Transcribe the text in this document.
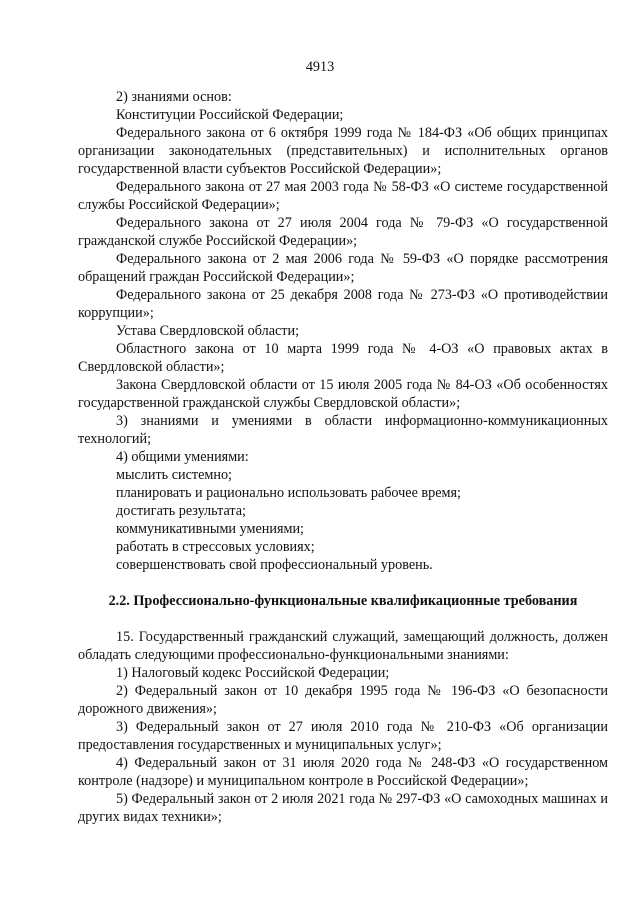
4913

2) знаниями основ:

Конституции Российской Федерации;

Федерального закона от 6 октября 1999 года № 184-ФЗ «Об общих принципах организации законодательных (представительных) и исполнительных органов государственной власти субъектов Российской Федерации»;

Федерального закона от 27 мая 2003 года № 58-ФЗ «О системе государственной службы Российской Федерации»;

Федерального закона от 27 июля 2004 года № 79-ФЗ «О государственной гражданской службе Российской Федерации»;

Федерального закона от 2 мая 2006 года № 59-ФЗ «О порядке рассмотрения обращений граждан Российской Федерации»;

Федерального закона от 25 декабря 2008 года № 273-ФЗ «О противодействии коррупции»;

Устава Свердловской области;

Областного закона от 10 марта 1999 года № 4-ОЗ «О правовых актах в Свердловской области»;

Закона Свердловской области от 15 июля 2005 года № 84-ОЗ «Об особенностях государственной гражданской службы Свердловской области»;

3) знаниями и умениями в области информационно-коммуникационных технологий;

4) общими умениями:

мыслить системно;

планировать и рационально использовать рабочее время;

достигать результата;

коммуникативными умениями;

работать в стрессовых условиях;

совершенствовать свой профессиональный уровень.

2.2. Профессионально-функциональные квалификационные требования

15. Государственный гражданский служащий, замещающий должность, должен обладать следующими профессионально-функциональными знаниями:

1) Налоговый кодекс Российской Федерации;

2) Федеральный закон от 10 декабря 1995 года № 196-ФЗ «О безопасности дорожного движения»;

3) Федеральный закон от 27 июля 2010 года № 210-ФЗ «Об организации предоставления государственных и муниципальных услуг»;

4) Федеральный закон от 31 июля 2020 года № 248-ФЗ «О государственном контроле (надзоре) и муниципальном контроле в Российской Федерации»;

5) Федеральный закон от 2 июля 2021 года № 297-ФЗ «О самоходных машинах и других видах техники»;
